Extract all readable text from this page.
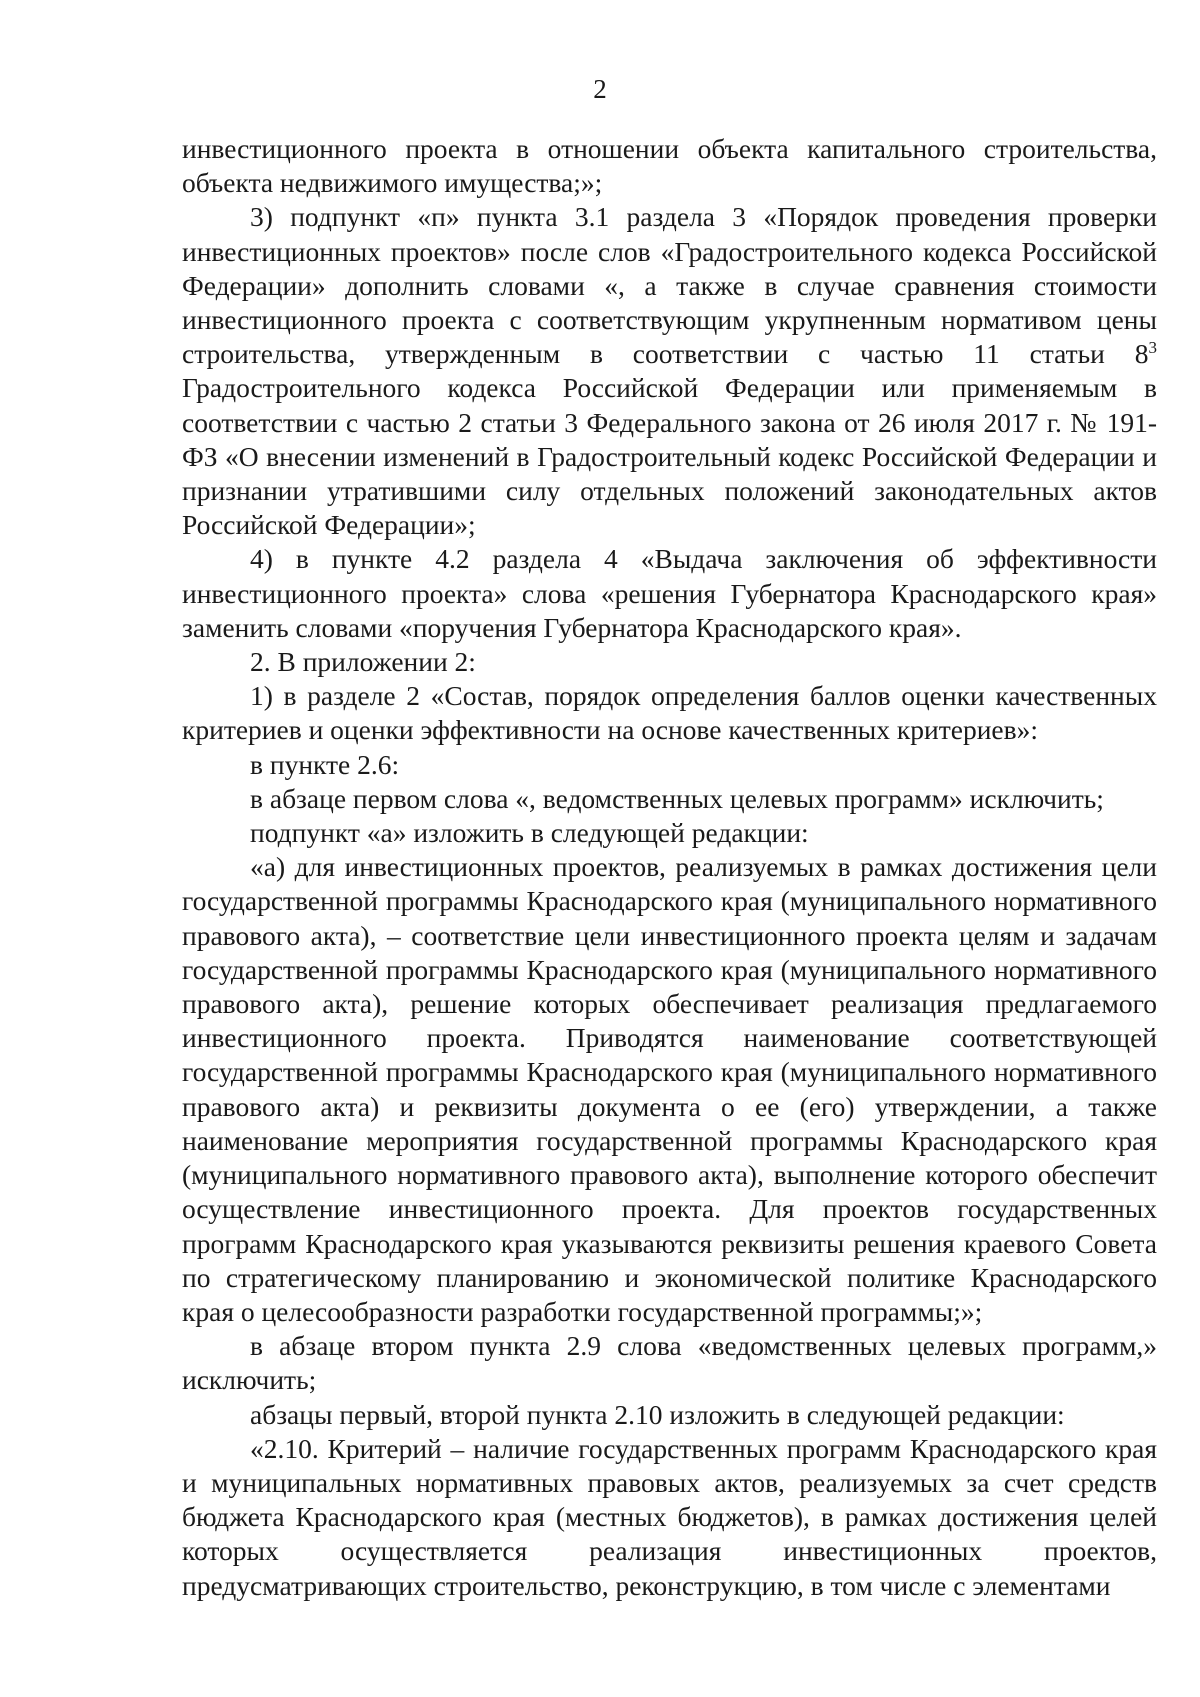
2

инвестиционного проекта в отношении объекта капитального строительства, объекта недвижимого имущества;»;

3) подпункт «п» пункта 3.1 раздела 3 «Порядок проведения проверки инвестиционных проектов» после слов «Градостроительного кодекса Российской Федерации» дополнить словами «, а также в случае сравнения стоимости инвестиционного проекта с соответствующим укрупненным нормативом цены строительства, утвержденным в соответствии с частью 11 статьи $8^3$ Градостроительного кодекса Российской Федерации или применяемым в соответствии с частью 2 статьи 3 Федерального закона от 26 июля 2017 г. № 191-ФЗ «О внесении изменений в Градостроительный кодекс Российской Федерации и признании утратившими силу отдельных положений законодательных актов Российской Федерации»;

4) в пункте 4.2 раздела 4 «Выдача заключения об эффективности инвестиционного проекта» слова «решения Губернатора Краснодарского края» заменить словами «поручения Губернатора Краснодарского края».

2. В приложении 2:

1) в разделе 2 «Состав, порядок определения баллов оценки качественных критериев и оценки эффективности на основе качественных критериев»:

в пункте 2.6:

в абзаце первом слова «, ведомственных целевых программ» исключить;

подпункт «а» изложить в следующей редакции:

«а) для инвестиционных проектов, реализуемых в рамках достижения цели государственной программы Краснодарского края (муниципального нормативного правового акта), – соответствие цели инвестиционного проекта целям и задачам государственной программы Краснодарского края (муниципального нормативного правового акта), решение которых обеспечивает реализация предлагаемого инвестиционного проекта. Приводятся наименование соответствующей государственной программы Краснодарского края (муниципального нормативного правового акта) и реквизиты документа о ее (его) утверждении, а также наименование мероприятия государственной программы Краснодарского края (муниципального нормативного правового акта), выполнение которого обеспечит осуществление инвестиционного проекта. Для проектов государственных программ Краснодарского края указываются реквизиты решения краевого Совета по стратегическому планированию и экономической политике Краснодарского края о целесообразности разработки государственной программы;»;

в абзаце втором пункта 2.9 слова «ведомственных целевых программ,» исключить;

абзацы первый, второй пункта 2.10 изложить в следующей редакции:

«2.10. Критерий – наличие государственных программ Краснодарского края и муниципальных нормативных правовых актов, реализуемых за счет средств бюджета Краснодарского края (местных бюджетов), в рамках достижения целей которых осуществляется реализация инвестиционных проектов, предусматривающих строительство, реконструкцию, в том числе с элементами
